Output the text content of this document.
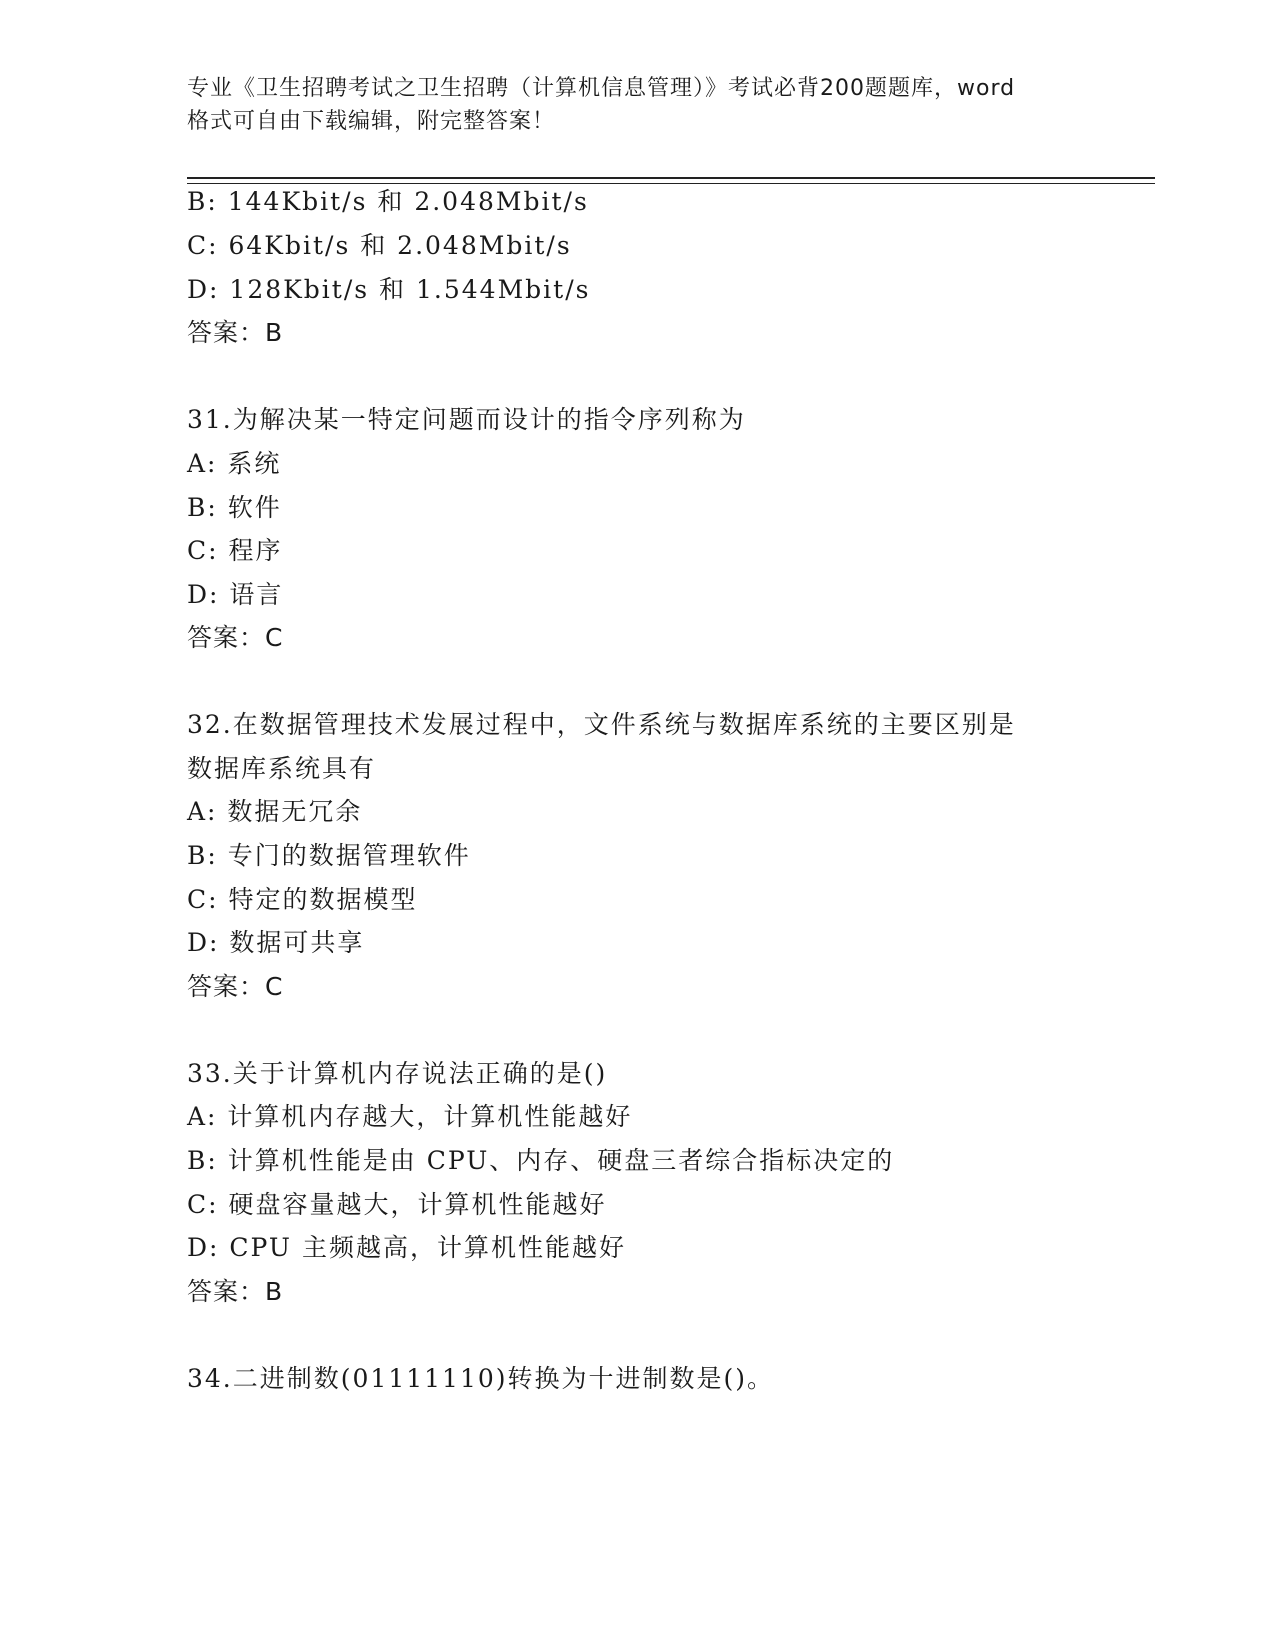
专业《卫生招聘考试之卫生招聘（计算机信息管理）》考试必背200题题库，word
格式可自由下载编辑，附完整答案！
B: 144Kbit/s 和 2.048Mbit/s
C: 64Kbit/s 和 2.048Mbit/s
D: 128Kbit/s 和 1.544Mbit/s
答案：B
31.为解决某一特定问题而设计的指令序列称为
A: 系统
B: 软件
C: 程序
D: 语言
答案：C
32.在数据管理技术发展过程中，文件系统与数据库系统的主要区别是
数据库系统具有
A: 数据无冗余
B: 专门的数据管理软件
C: 特定的数据模型
D: 数据可共享
答案：C
33.关于计算机内存说法正确的是()
A: 计算机内存越大，计算机性能越好
B: 计算机性能是由 CPU、内存、硬盘三者综合指标决定的
C: 硬盘容量越大，计算机性能越好
D: CPU 主频越高，计算机性能越好
答案：B
34.二进制数(01111110)转换为十进制数是()。
